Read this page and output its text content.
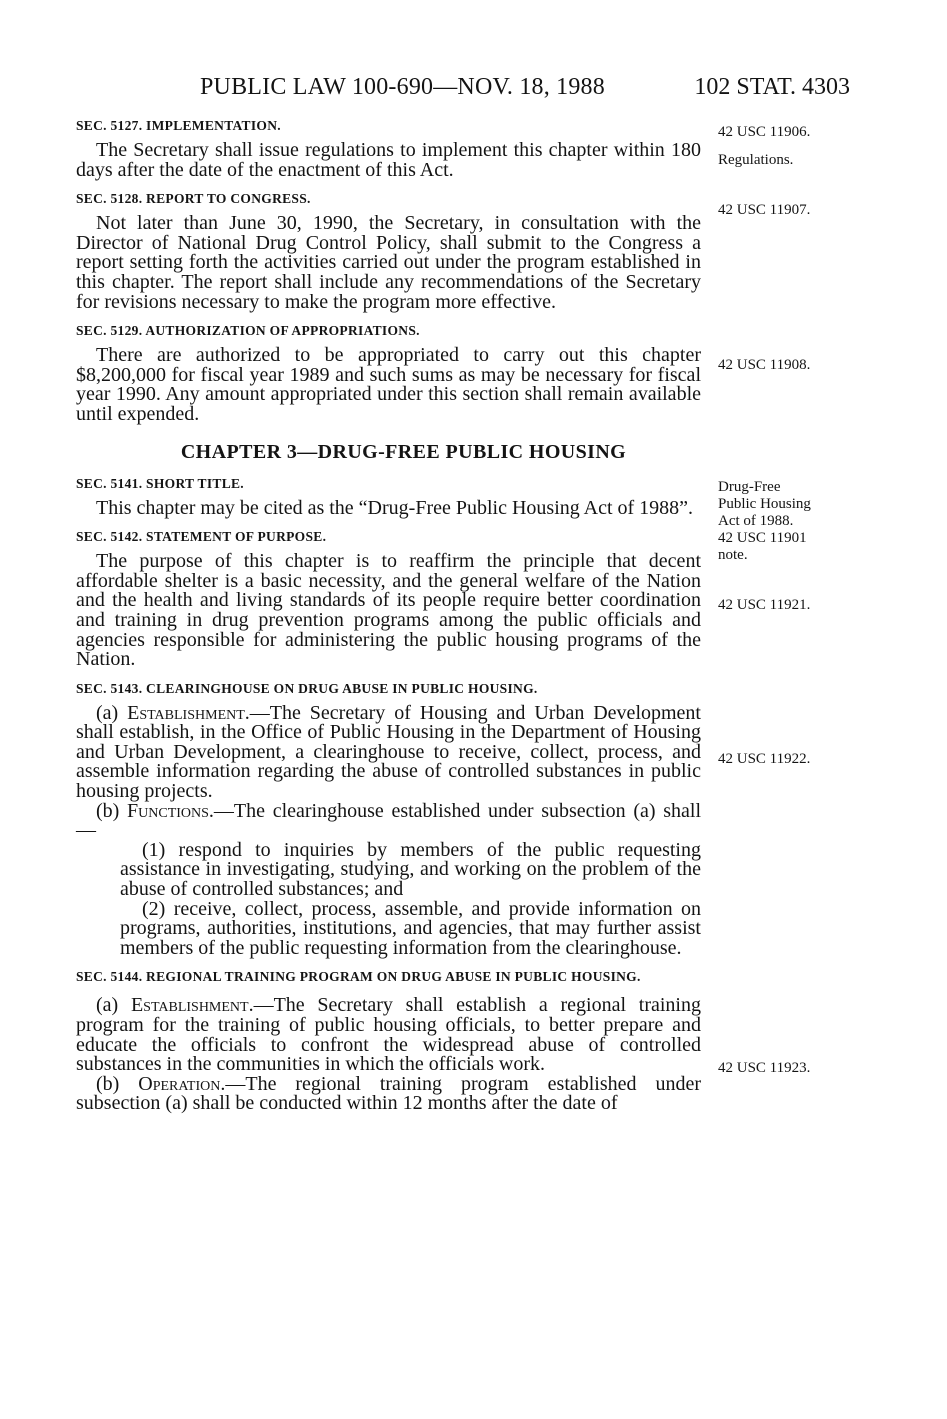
PUBLIC LAW 100-690—NOV. 18, 1988	102 STAT. 4303
42 USC 11906.
Regulations.
42 USC 11907.
42 USC 11908.
Drug-Free
Public Housing
Act of 1988.
42 USC 11901
note.
42 USC 11921.
42 USC 11922.
42 USC 11923.

SEC. 5127. IMPLEMENTATION.

The Secretary shall issue regulations to implement this chapter within 180 days after the date of the enactment of this Act.

SEC. 5128. REPORT TO CONGRESS.

Not later than June 30, 1990, the Secretary, in consultation with the Director of National Drug Control Policy, shall submit to the Congress a report setting forth the activities carried out under the program established in this chapter. The report shall include any recommendations of the Secretary for revisions necessary to make the program more effective.

SEC. 5129. AUTHORIZATION OF APPROPRIATIONS.

There are authorized to be appropriated to carry out this chapter $8,200,000 for fiscal year 1989 and such sums as may be necessary for fiscal year 1990. Any amount appropriated under this section shall remain available until expended.

CHAPTER 3—DRUG-FREE PUBLIC HOUSING

SEC. 5141. SHORT TITLE.

This chapter may be cited as the “Drug-Free Public Housing Act of 1988”.

SEC. 5142. STATEMENT OF PURPOSE.

The purpose of this chapter is to reaffirm the principle that decent affordable shelter is a basic necessity, and the general welfare of the Nation and the health and living standards of its people require better coordination and training in drug prevention programs among the public officials and agencies responsible for administering the public housing programs of the Nation.

SEC. 5143. CLEARINGHOUSE ON DRUG ABUSE IN PUBLIC HOUSING.

(a) Establishment.—The Secretary of Housing and Urban Development shall establish, in the Office of Public Housing in the Department of Housing and Urban Development, a clearinghouse to receive, collect, process, and assemble information regarding the abuse of controlled substances in public housing projects.

(b) Functions.—The clearinghouse established under subsection (a) shall—

(1) respond to inquiries by members of the public requesting assistance in investigating, studying, and working on the problem of the abuse of controlled substances; and

(2) receive, collect, process, assemble, and provide information on programs, authorities, institutions, and agencies, that may further assist members of the public requesting information from the clearinghouse.

SEC. 5144. REGIONAL TRAINING PROGRAM ON DRUG ABUSE IN PUBLIC HOUSING.

(a) Establishment.—The Secretary shall establish a regional training program for the training of public housing officials, to better prepare and educate the officials to confront the widespread abuse of controlled substances in the communities in which the officials work.

(b) Operation.—The regional training program established under subsection (a) shall be conducted within 12 months after the date of
